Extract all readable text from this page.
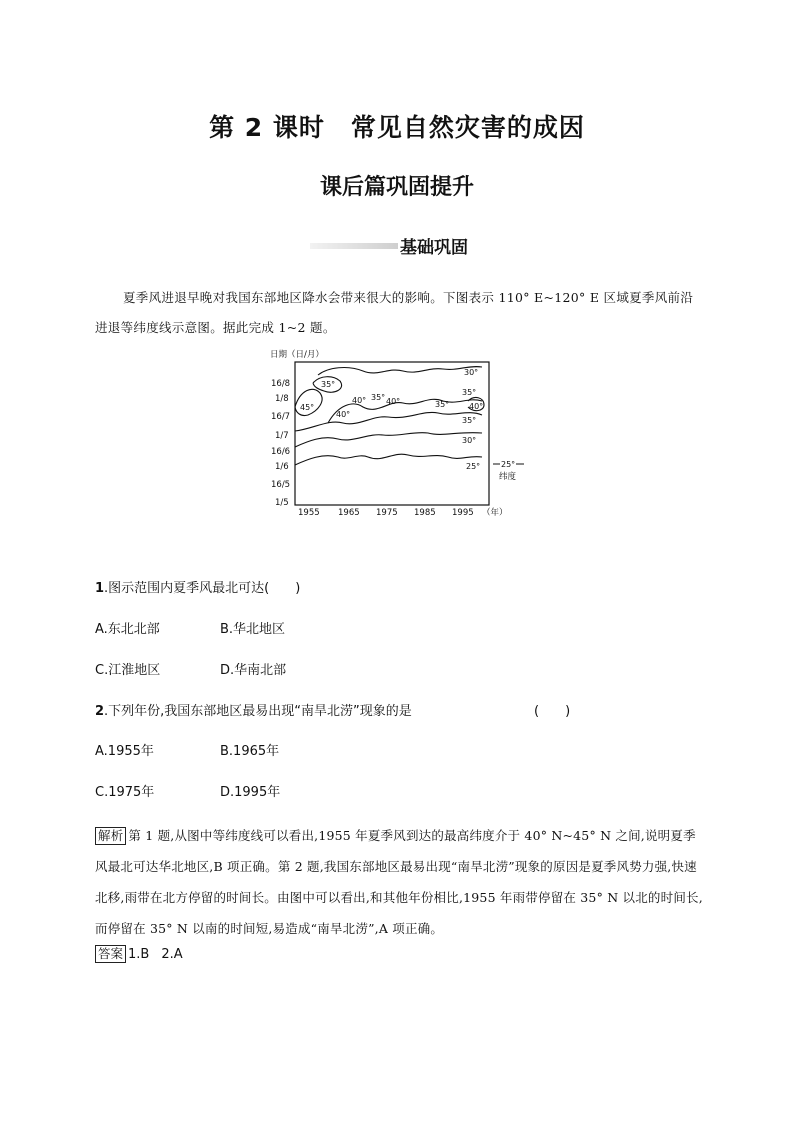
第 2 课时　常见自然灾害的成因
课后篇巩固提升
基础巩固
夏季风进退早晚对我国东部地区降水会带来很大的影响。下图表示 110° E~120° E 区域夏季风前沿进退等纬度线示意图。据此完成 1~2 题。
日期（日/月）
16/8
1/8
16/7
1/7
16/6
1/6
16/5
1/5
1955 1965 1975 1985 1995 （年）
35°
45°
40° 35° 40°
40°
35°
30°
35°
40°
35°
30°
25°	25°
纬度
1.图示范围内夏季风最北可达(　　)
A.东北北部	B.华北地区
C.江淮地区	D.华南北部
2.下列年份,我国东部地区最易出现“南旱北涝”现象的是	(　　)
A.1955年	B.1965年
C.1975年	D.1995年
解析 第 1 题,从图中等纬度线可以看出,1955 年夏季风到达的最高纬度介于 40° N~45° N 之间,说明夏季风最北可达华北地区,B 项正确。第 2 题,我国东部地区最易出现“南旱北涝”现象的原因是夏季风势力强,快速北移,雨带在北方停留的时间长。由图中可以看出,和其他年份相比,1955 年雨带停留在 35° N 以北的时间长,而停留在 35° N 以南的时间短,易造成“南旱北涝”,A 项正确。
答案 1.B 2.A
